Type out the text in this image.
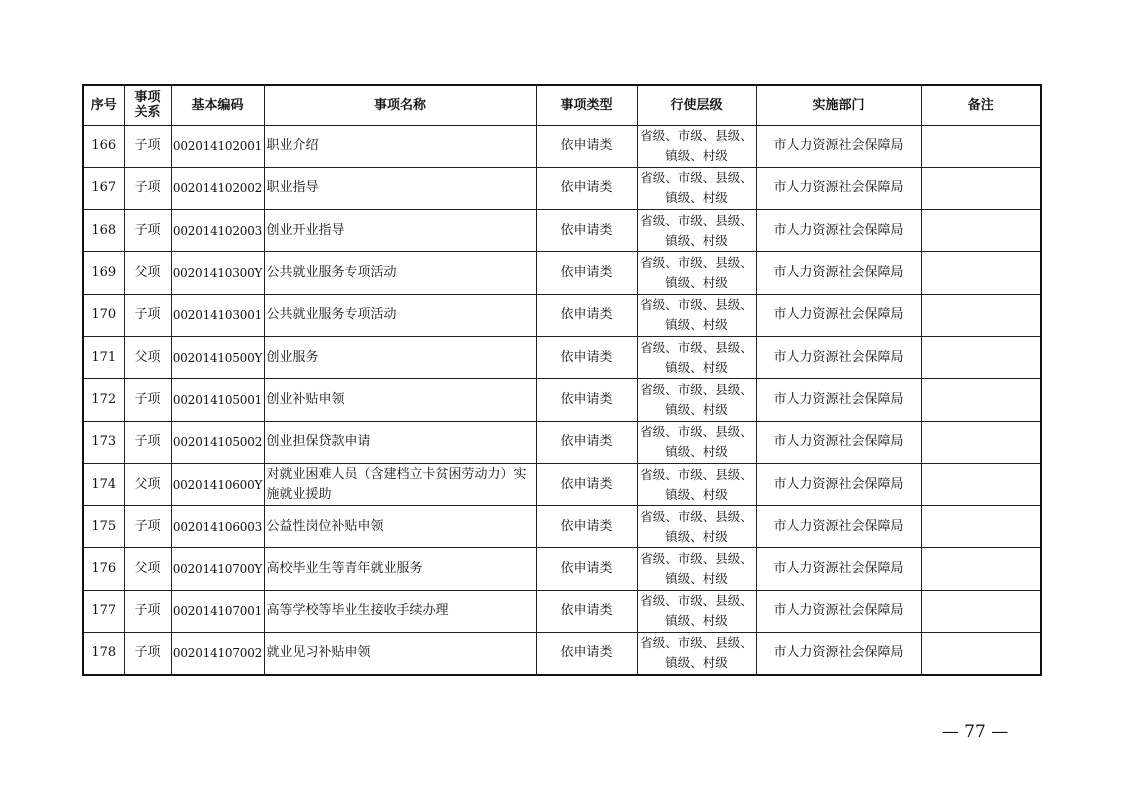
序号	事项关系	基本编码	事项名称	事项类型	行使层级	实施部门	备注
166	子项	002014102001	职业介绍	依申请类	省级、市级、县级、镇级、村级	市人力资源社会保障局	
167	子项	002014102002	职业指导	依申请类	省级、市级、县级、镇级、村级	市人力资源社会保障局	
168	子项	002014102003	创业开业指导	依申请类	省级、市级、县级、镇级、村级	市人力资源社会保障局	
169	父项	00201410300Y	公共就业服务专项活动	依申请类	省级、市级、县级、镇级、村级	市人力资源社会保障局	
170	子项	002014103001	公共就业服务专项活动	依申请类	省级、市级、县级、镇级、村级	市人力资源社会保障局	
171	父项	00201410500Y	创业服务	依申请类	省级、市级、县级、镇级、村级	市人力资源社会保障局	
172	子项	002014105001	创业补贴申领	依申请类	省级、市级、县级、镇级、村级	市人力资源社会保障局	
173	子项	002014105002	创业担保贷款申请	依申请类	省级、市级、县级、镇级、村级	市人力资源社会保障局	
174	父项	00201410600Y	对就业困难人员（含建档立卡贫困劳动力）实施就业援助	依申请类	省级、市级、县级、镇级、村级	市人力资源社会保障局	
175	子项	002014106003	公益性岗位补贴申领	依申请类	省级、市级、县级、镇级、村级	市人力资源社会保障局	
176	父项	00201410700Y	高校毕业生等青年就业服务	依申请类	省级、市级、县级、镇级、村级	市人力资源社会保障局	
177	子项	002014107001	高等学校等毕业生接收手续办理	依申请类	省级、市级、县级、镇级、村级	市人力资源社会保障局	
178	子项	002014107002	就业见习补贴申领	依申请类	省级、市级、县级、镇级、村级	市人力资源社会保障局	
— 77 —
